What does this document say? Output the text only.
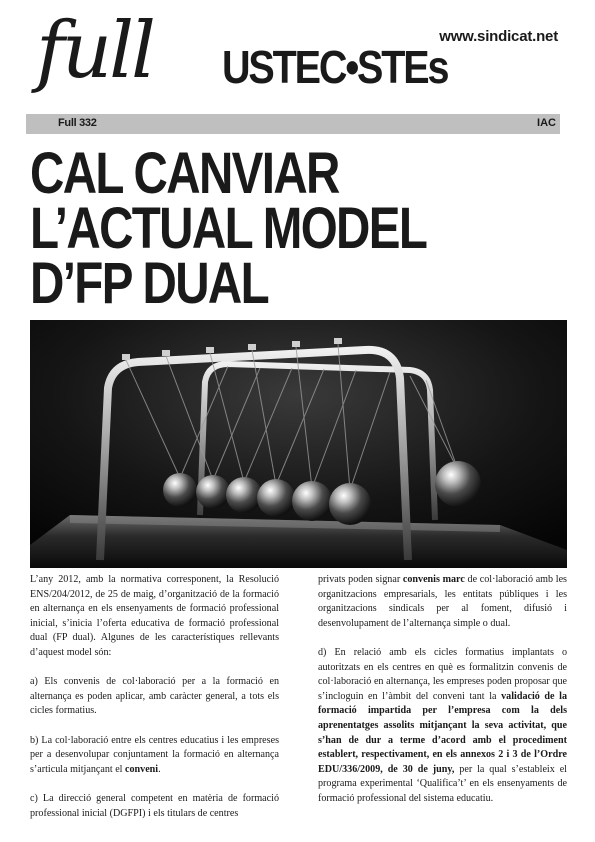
www.sindicat.net
full USTEC•STEs
Full 332	IAC
CAL CANVIAR
L’ACTUAL MODEL
D’FP DUAL

L’any 2012, amb la normativa corresponent, la Resolució ENS/204/2012, de 25 de maig, d’organització de la formació en alternança en els ensenyaments de formació professional inicial, s’inicia l’oferta educativa de formació professional dual (FP dual). Algunes de les característiques rellevants d’aquest model són:

a) Els convenis de col·laboració per a la formació en alternança es poden aplicar, amb caràcter general, a tots els cicles formatius.

b) La col·laboració entre els centres educatius i les empreses per a desenvolupar conjuntament la formació en alternança s’articula mitjançant el conveni.

c) La direcció general competent en matèria de formació professional inicial (DGFPI) i els titulars de centres

privats poden signar convenis marc de col·laboració amb les organitzacions empresarials, les entitats públiques i les organitzacions sindicals per al foment, difusió i desenvolupament de l’alternança simple o dual.

d) En relació amb els cicles formatius implantats o autoritzats en els centres en què es formalitzin convenis de col·laboració en alternança, les empreses poden proposar que s’incloguin en l’àmbit del conveni tant la validació de la formació impartida per l’empresa com la dels aprenentatges assolits mitjançant la seva activitat, que s’han de dur a terme d’acord amb el procediment establert, respectivament, en els annexos 2 i 3 de l’Ordre EDU/336/2009, de 30 de juny, per la qual s’estableix el programa experimental ‘Qualifica’t’ en els ensenyaments de formació professional del sistema educatiu.
